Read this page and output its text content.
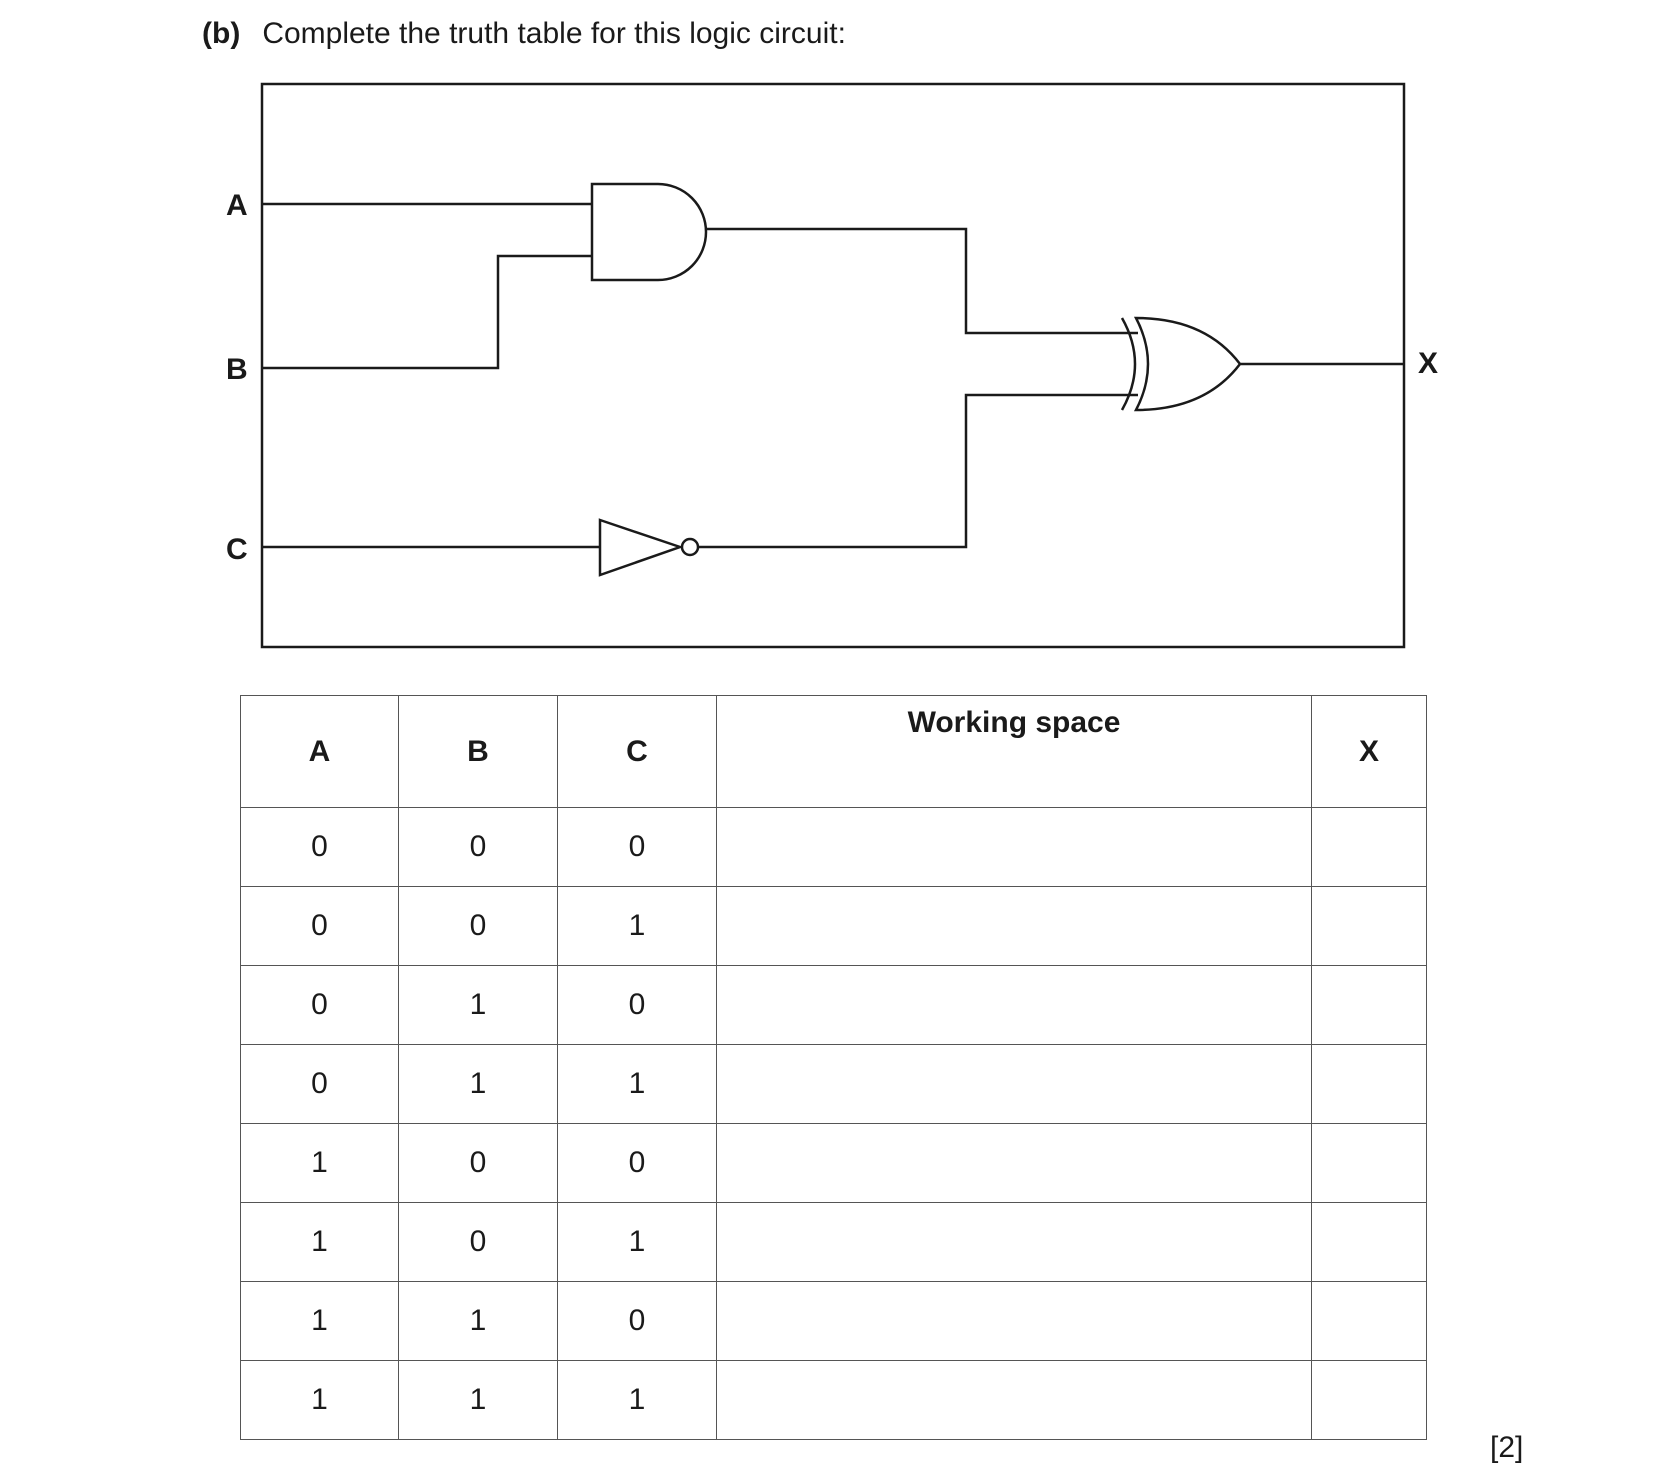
(b) Complete the truth table for this logic circuit:
A
B
C
X
A	B	C	Working space	X
0	0	0		
0	0	1		
0	1	0		
0	1	1		
1	0	0		
1	0	1		
1	1	0		
1	1	1		
[2]
